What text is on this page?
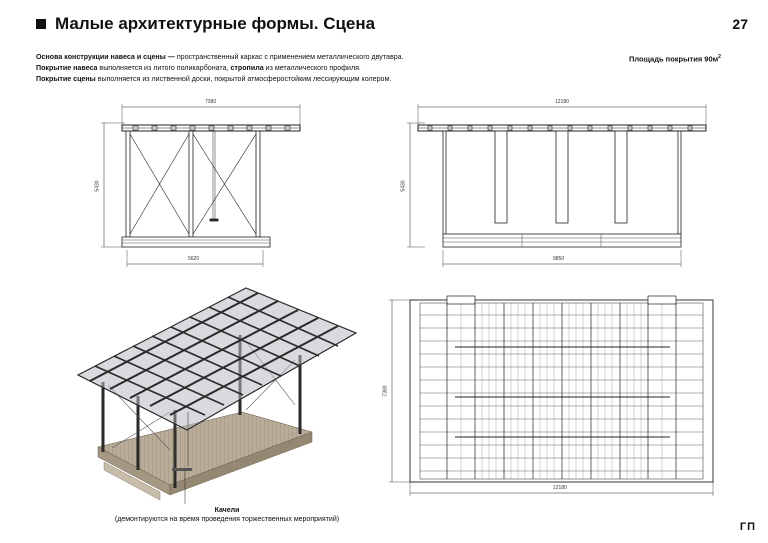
Малые архитектурные формы. Сцена	27
Основа конструкции навеса и сцены — пространственный каркас с применением металлического двутавра.
Покрытие навеса выполняется из литого поликарбоната, стропила из металлического профиля.
Покрытие сцены выполняется из лиственной доски, покрытой атмосферостойким лессирующим колером.
Площадь покрытия $90м^2$
7380
5620
5430
12180
9850
5430
12180
7380
Качели
(демонтируются на время проведения торжественных мероприятий)
ГП
